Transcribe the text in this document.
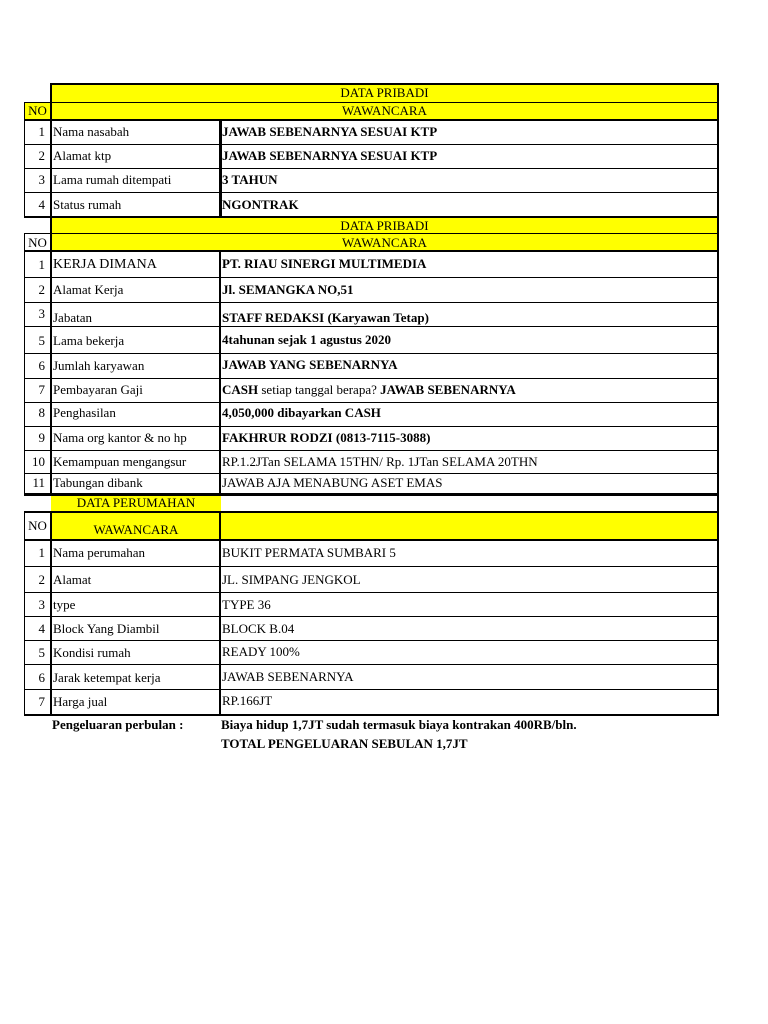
DATA PRIBADI
NO	WAWANCARA
1 Nama nasabah	JAWAB SEBENARNYA SESUAI KTP
2 Alamat ktp	JAWAB SEBENARNYA SESUAI KTP
3 Lama rumah ditempati	3 TAHUN
4 Status rumah	NGONTRAK
DATA PRIBADI
NO	WAWANCARA
1 KERJA DIMANA	PT. RIAU SINERGI MULTIMEDIA
2 Alamat Kerja	Jl. SEMANGKA NO,51
3 Jabatan	STAFF REDAKSI (Karyawan Tetap)
5 Lama bekerja	4tahunan sejak 1 agustus 2020
6 Jumlah karyawan	JAWAB YANG SEBENARNYA
7 Pembayaran Gaji	CASH setiap tanggal berapa? JAWAB SEBENARNYA
8 Penghasilan	4,050,000 dibayarkan CASH
9 Nama org kantor & no hp	FAKHRUR RODZI (0813-7115-3088)
10 Kemampuan mengangsur	RP.1.2JTan SELAMA 15THN/ Rp. 1JTan SELAMA 20THN
11 Tabungan dibank	JAWAB AJA MENABUNG ASET EMAS
DATA PERUMAHAN
NO	WAWANCARA
1 Nama perumahan	BUKIT PERMATA SUMBARI 5
2 Alamat	JL. SIMPANG JENGKOL
3 type	TYPE 36
4 Block Yang Diambil	BLOCK B.04
5 Kondisi rumah	READY 100%
6 Jarak ketempat kerja	JAWAB SEBENARNYA
7 Harga jual	RP.166JT
Pengeluaran perbulan :	Biaya hidup 1,7JT sudah termasuk biaya kontrakan 400RB/bln.
TOTAL PENGELUARAN SEBULAN 1,7JT
